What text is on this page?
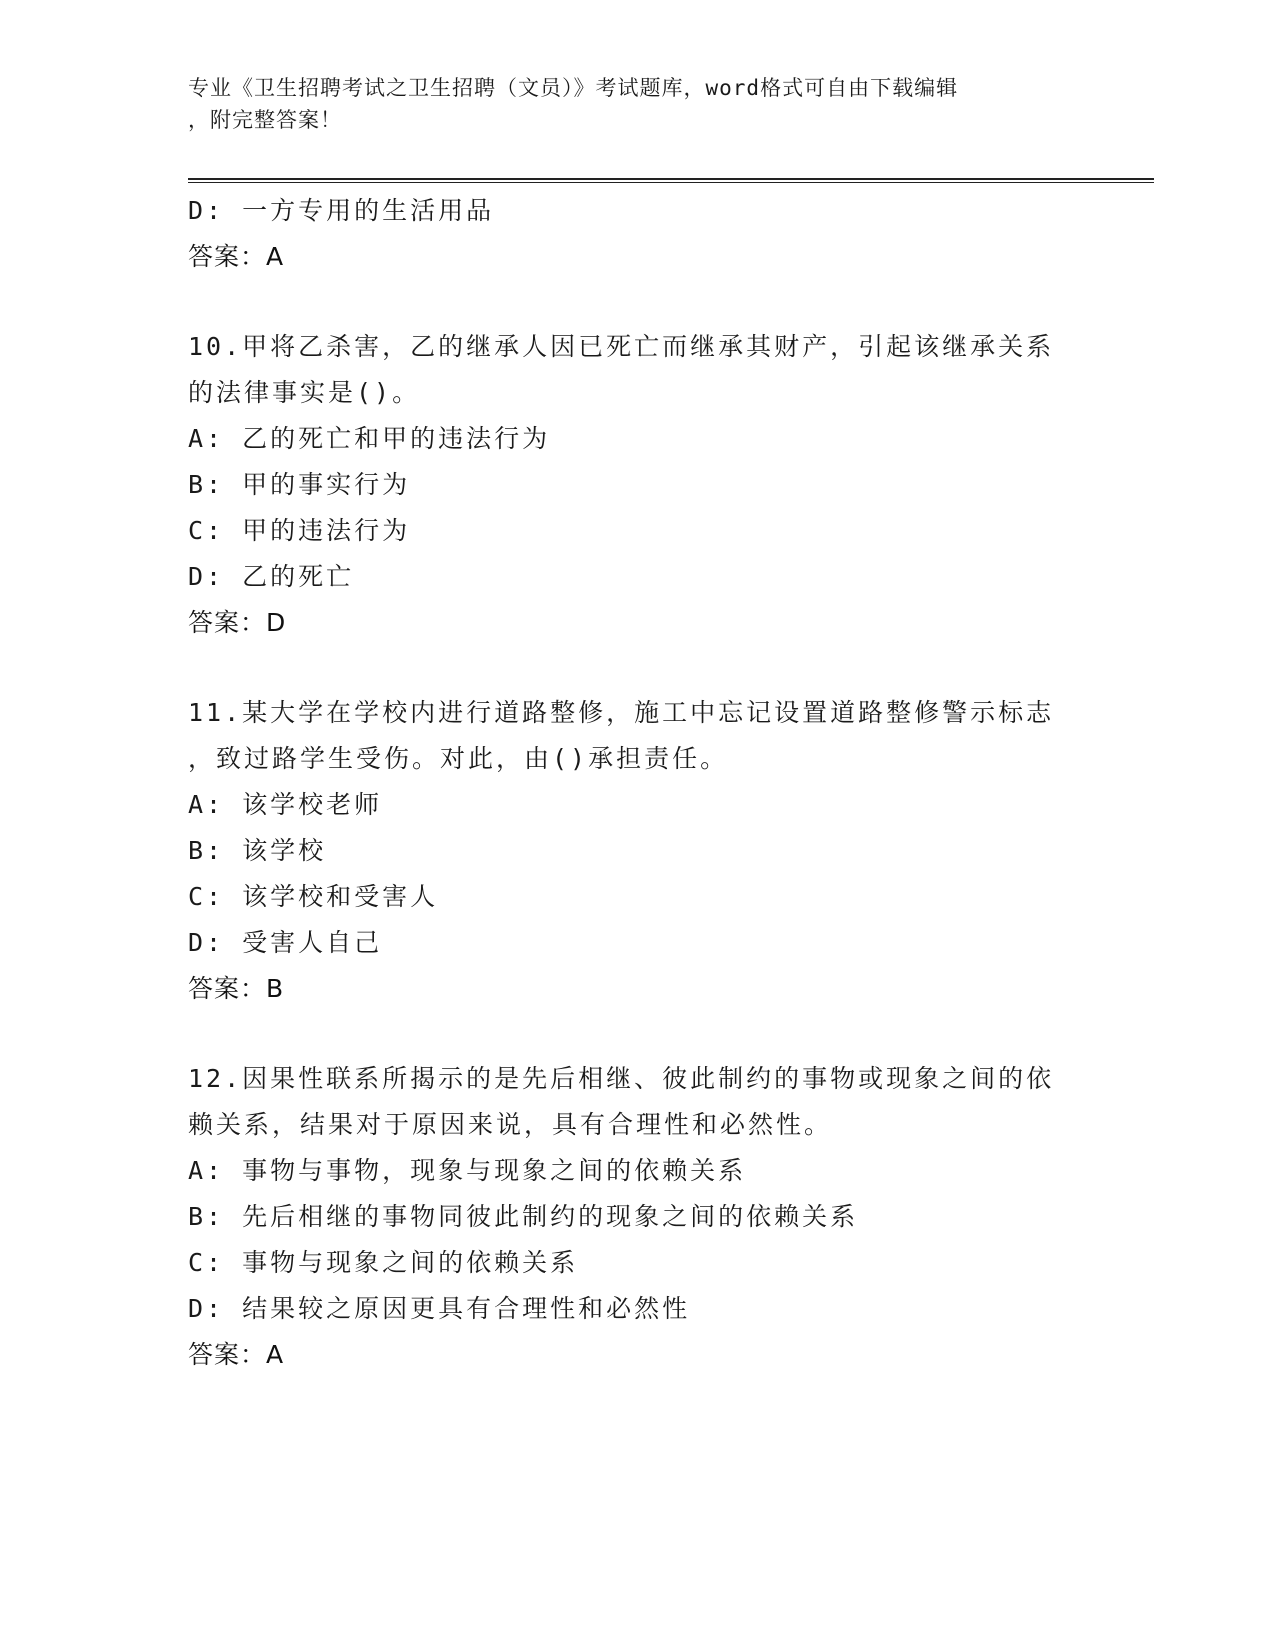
专业《卫生招聘考试之卫生招聘（文员）》考试题库，word格式可自由下载编辑
，附完整答案！
D: 一方专用的生活用品
答案：A
10.甲将乙杀害，乙的继承人因已死亡而继承其财产，引起该继承关系
的法律事实是()。
A: 乙的死亡和甲的违法行为
B: 甲的事实行为
C: 甲的违法行为
D: 乙的死亡
答案：D
11.某大学在学校内进行道路整修，施工中忘记设置道路整修警示标志
，致过路学生受伤。对此，由()承担责任。
A: 该学校老师
B: 该学校
C: 该学校和受害人
D: 受害人自己
答案：B
12.因果性联系所揭示的是先后相继、彼此制约的事物或现象之间的依
赖关系，结果对于原因来说，具有合理性和必然性。
A: 事物与事物，现象与现象之间的依赖关系
B: 先后相继的事物同彼此制约的现象之间的依赖关系
C: 事物与现象之间的依赖关系
D: 结果较之原因更具有合理性和必然性
答案：A
